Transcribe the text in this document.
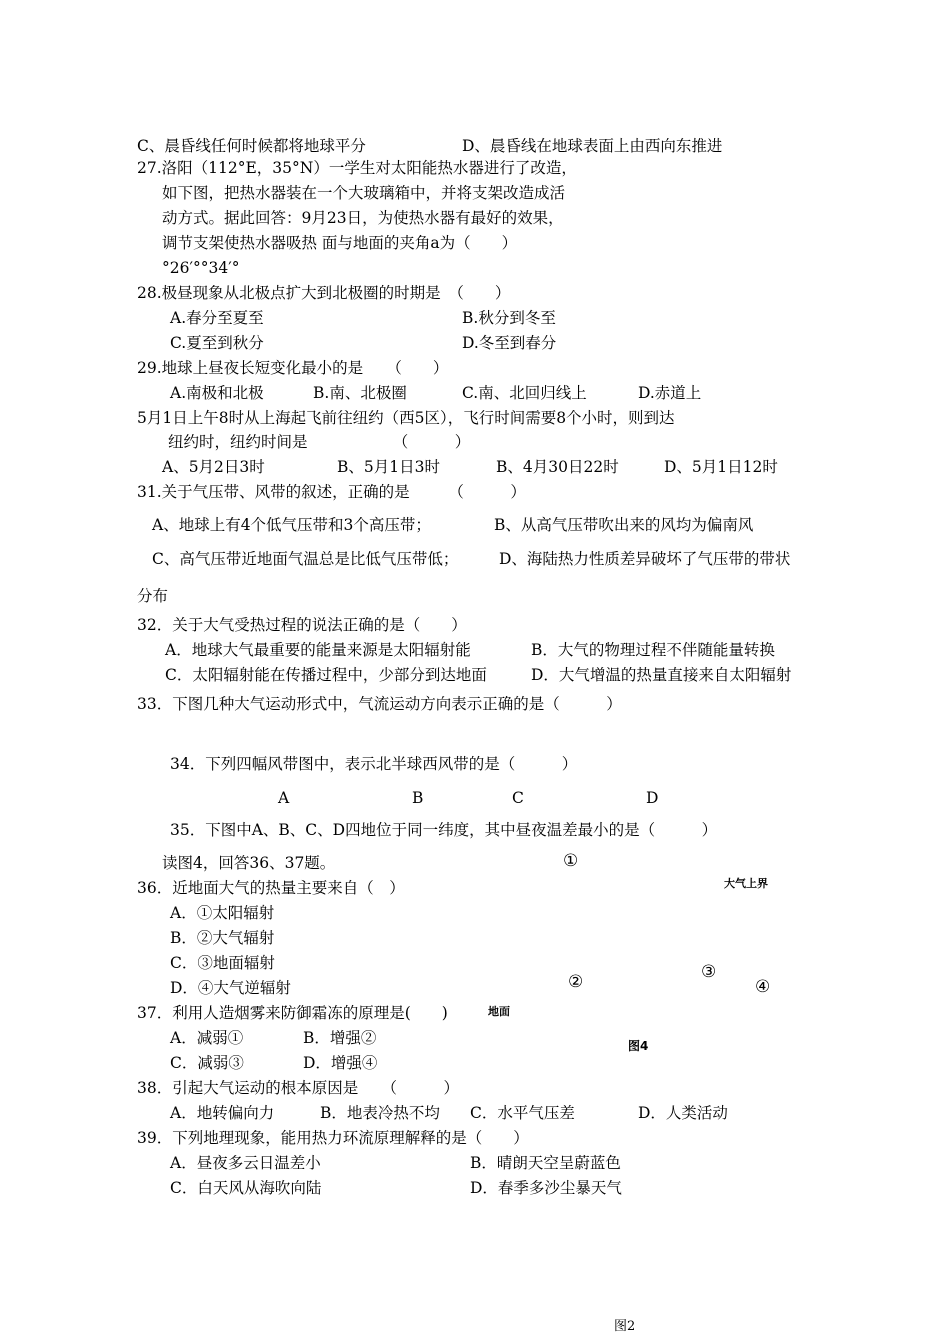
C、晨昏线任何时候都将地球平分	D、晨昏线在地球表面上由西向东推进
27.洛阳（112°E，35°N）一学生对太阳能热水器进行了改造，
如下图，把热水器装在一个大玻璃箱中，并将支架改造成活
动方式。据此回答：9月23日，为使热水器有最好的效果，
调节支架使热水器吸热 面与地面的夹角a为（　　）
°26′°°34′°
28.极昼现象从北极点扩大到北极圈的时期是　（　　）
A.春分至夏至	B.秋分到冬至
C.夏至到秋分	D.冬至到春分
29.地球上昼夜长短变化最小的是　　（　　）
A.南极和北极	B.南、北极圈	C.南、北回归线上	D.赤道上
5月1日上午8时从上海起飞前往纽约（西5区），飞行时间需要8个小时，则到达
纽约时，纽约时间是　　　　　　（　　　）
A、5月2日3时	B、5月1日3时	B、4月30日22时	D、5月1日12时
31.关于气压带、风带的叙述，正确的是　　　（　　　）
A、地球上有4个低气压带和3个高压带；	B、从高气压带吹出来的风均为偏南风
C、高气压带近地面气温总是比低气压带低；	D、海陆热力性质差异破坏了气压带的带状
分布
32．关于大气受热过程的说法正确的是（　　）
A．地球大气最重要的能量来源是太阳辐射能	B．大气的物理过程不伴随能量转换
C．太阳辐射能在传播过程中，少部分到达地面	D．大气增温的热量直接来自太阳辐射
33．下图几种大气运动形式中，气流运动方向表示正确的是（　　　）
34．下列四幅风带图中，表示北半球西风带的是（　　　）
A	B	C	D
35．下图中A、B、C、D四地位于同一纬度，其中昼夜温差最小的是（　　　）
读图4，回答36、37题。
36．近地面大气的热量主要来自（　）
A．①太阳辐射
B．②大气辐射
C．③地面辐射
D．④大气逆辐射
37．利用人造烟雾来防御霜冻的原理是(　　)
A．减弱①	B．增强②
C．减弱③	D．增强④
38．引起大气运动的根本原因是　　（　　　）
A．地转偏向力	B．地表冷热不均 C．水平气压差	D．人类活动
39．下列地理现象，能用热力环流原理解释的是（　　）
A．昼夜多云日温差小	B．晴朗天空呈蔚蓝色
C．白天风从海吹向陆	D．春季多沙尘暴天气
①
大气上界
②	③
④
地面
图4
图2
